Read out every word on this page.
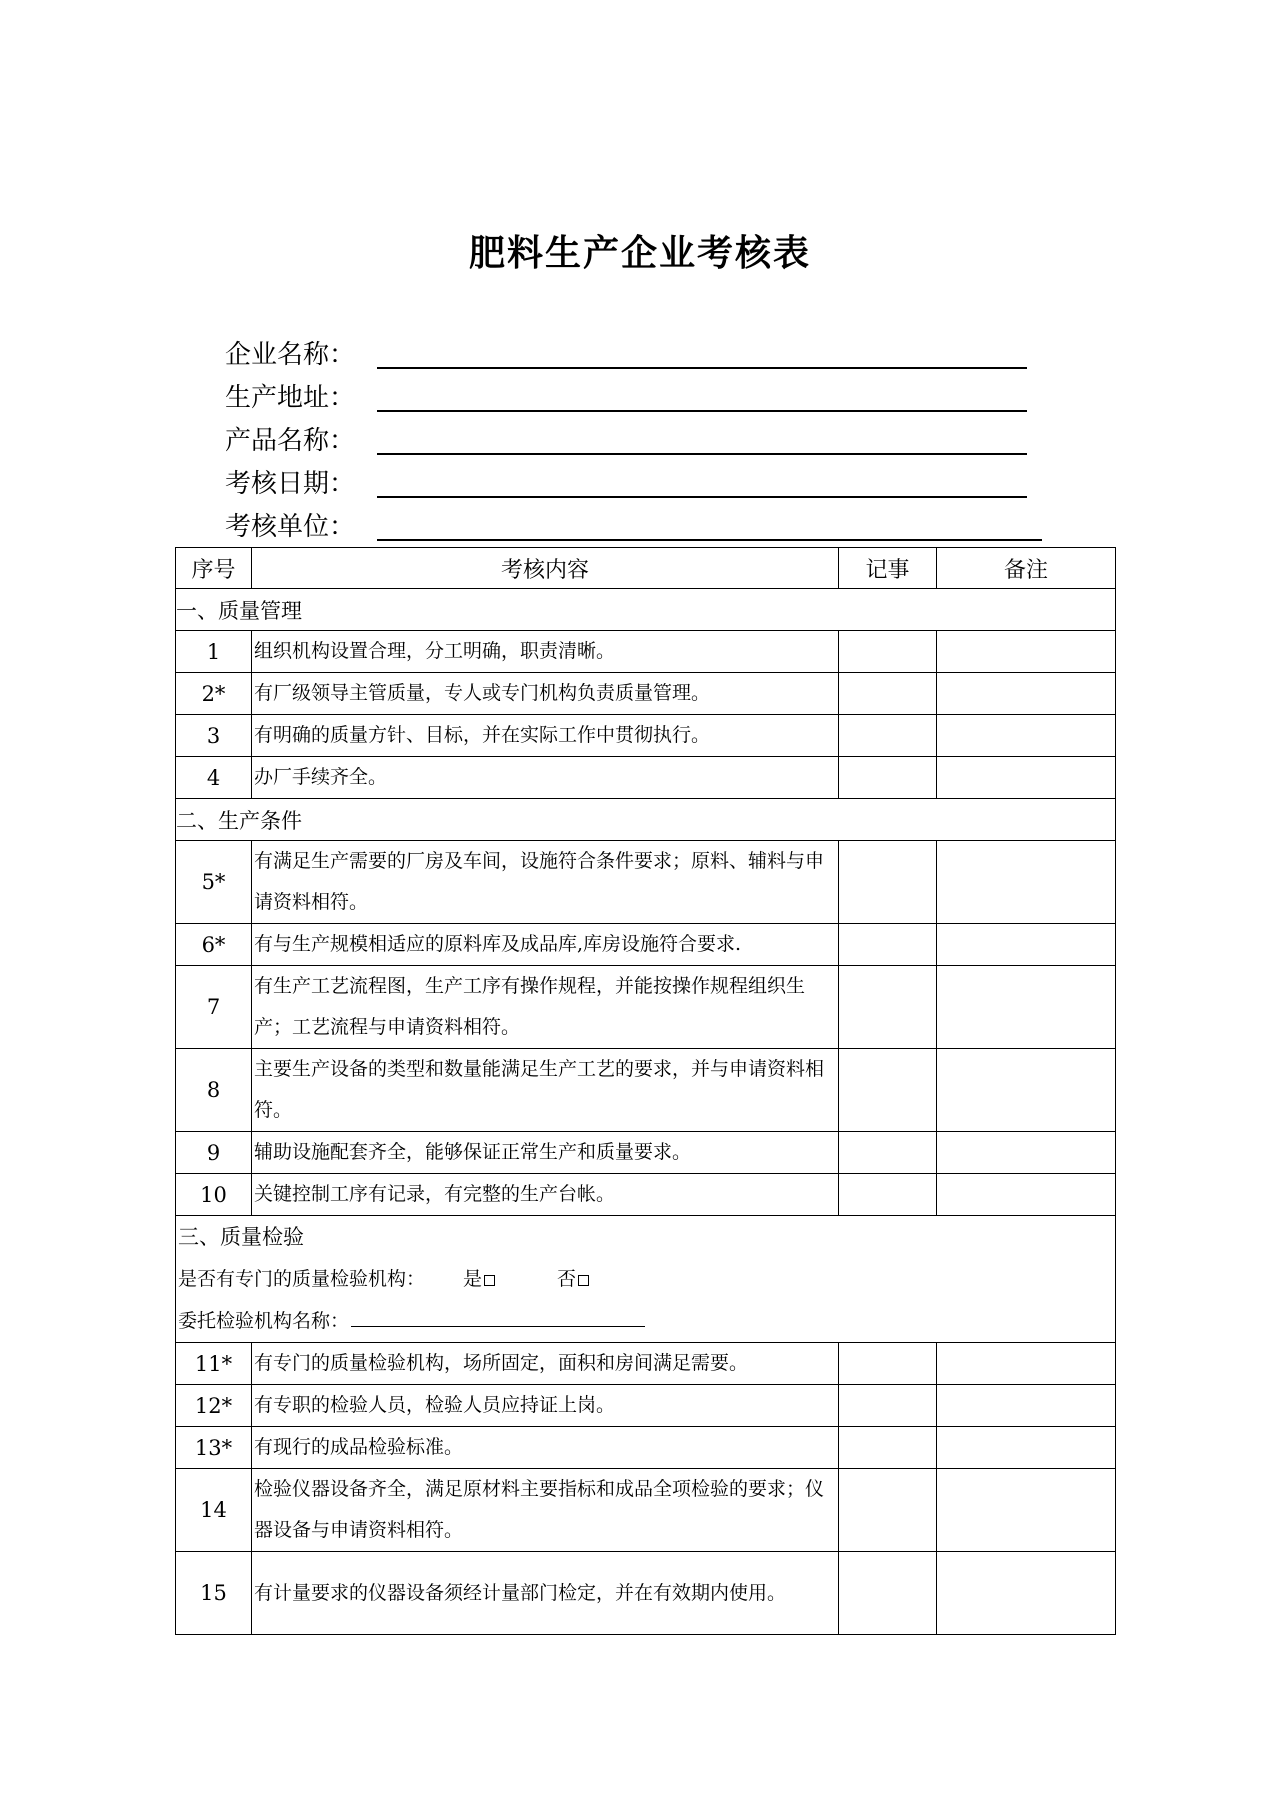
肥料生产企业考核表
企业名称：
生产地址：
产品名称：
考核日期：
考核单位：
序号	考核内容	记事	备注
一、质量管理			
1	组织机构设置合理，分工明确，职责清晰。		
2*	有厂级领导主管质量，专人或专门机构负责质量管理。		
3	有明确的质量方针、目标，并在实际工作中贯彻执行。		
4	办厂手续齐全。		
二、生产条件			
5*	有满足生产需要的厂房及车间，设施符合条件要求；原料、辅料与申请资料相符。		
6*	有与生产规模相适应的原料库及成品库,库房设施符合要求.		
7	有生产工艺流程图，生产工序有操作规程，并能按操作规程组织生产；工艺流程与申请资料相符。		
8	主要生产设备的类型和数量能满足生产工艺的要求，并与申请资料相符。		
9	辅助设施配套齐全，能够保证正常生产和质量要求。		
10	关键控制工序有记录，有完整的生产台帐。		

三、质量检验
是否有专门的质量检验机构： 是 否
委托检验机构名称：			

11*	有专门的质量检验机构，场所固定，面积和房间满足需要。		
12*	有专职的检验人员，检验人员应持证上岗。		
13*	有现行的成品检验标准。		
14	检验仪器设备齐全，满足原材料主要指标和成品全项检验的要求；仪器设备与申请资料相符。		
15	有计量要求的仪器设备须经计量部门检定，并在有效期内使用。		
